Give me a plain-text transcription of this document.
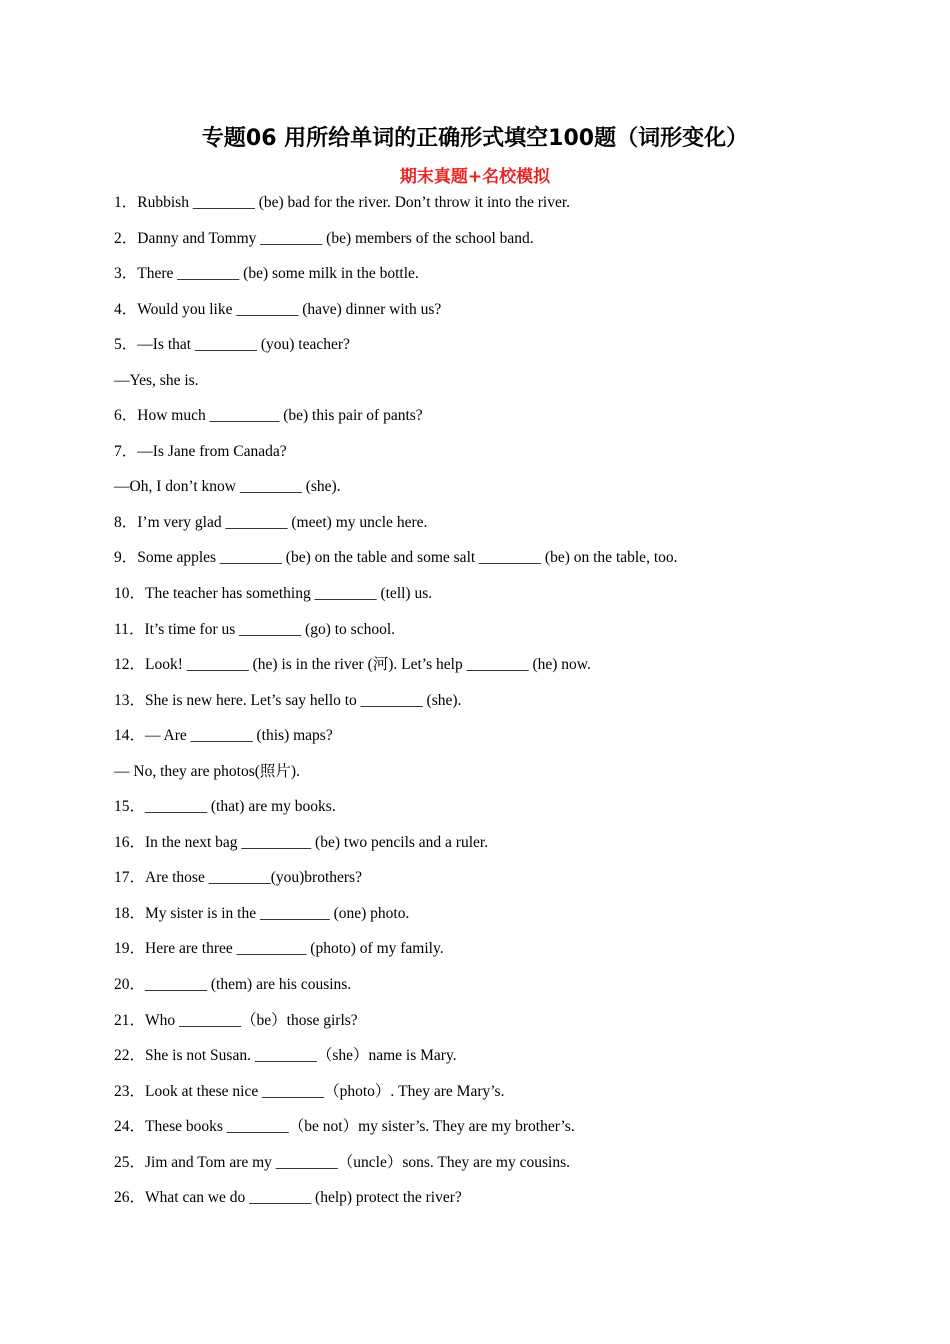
专题06 用所给单词的正确形式填空100题（词形变化）
期末真题+名校模拟
1 ． Rubbish ________ (be) bad for the river. Don’t throw it into the river.
2 ． Danny and Tommy ________ (be) members of the school band.
3 ． There ________ (be) some milk in the bottle.
4 ． Would you like ________ (have) dinner with us?
5 ． —Is that ________ (you) teacher?
—Yes, she is.
6 ． How much _________ (be) this pair of pants?
7 ． —Is Jane from Canada?
—Oh, I don’t know ________ (she).
8 ． I’m very glad ________ (meet) my uncle here.
9 ． Some apples ________ (be) on the table and some salt ________ (be) on the table, too.
10 ． The teacher has something ________ (tell) us.
11 ． It’s time for us ________ (go) to school.
12 ． Look! ________ (he) is in the river (河). Let’s help ________ (he) now.
13 ． She is new here. Let’s say hello to ________ (she).
14 ． — Are ________ (this) maps?
— No, they are photos(照片).
15 ． ________ (that) are my books.
16 ． In the next bag _________ (be) two pencils and a ruler.
17 ． Are those ________(you)brothers?
18 ． My sister is in the _________ (one) photo.
19 ． Here are three _________ (photo) of my family.
20 ． ________ (them) are his cousins.
21 ． Who ________（be）those girls?
22 ． She is not Susan. ________（she）name is Mary.
23 ． Look at these nice ________（photo）. They are Mary’s.
24 ． These books ________（be not）my sister’s. They are my brother’s.
25 ． Jim and Tom are my ________（uncle）sons. They are my cousins.
26 ． What can we do ________ (help) protect the river?
